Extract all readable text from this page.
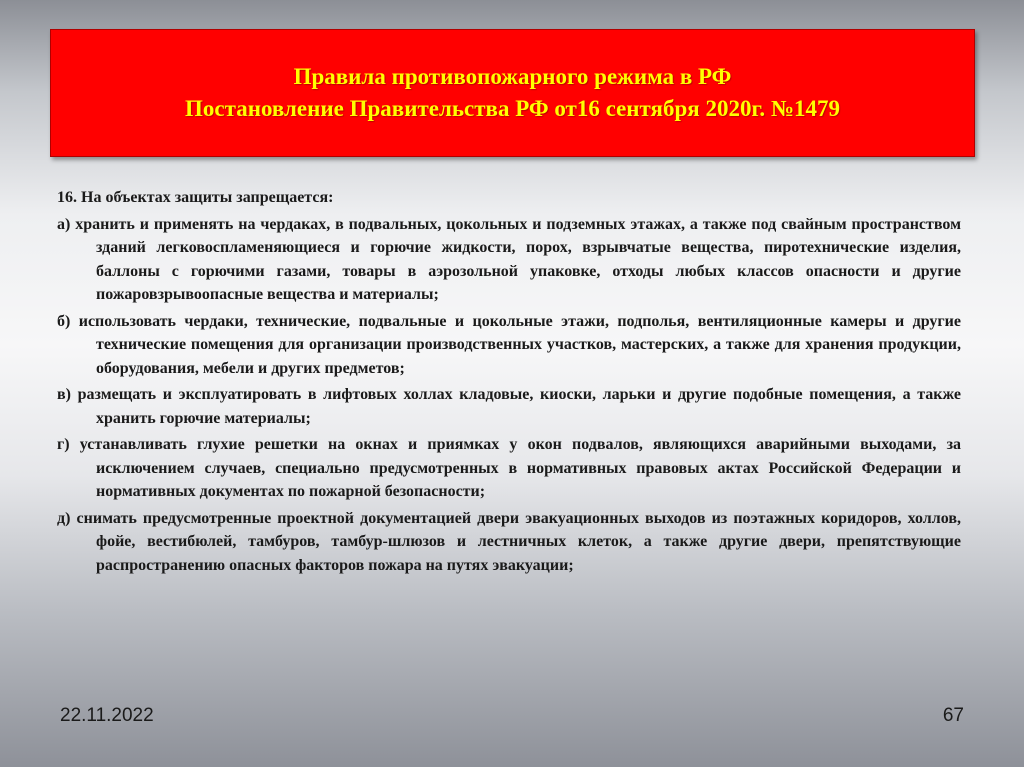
Правила противопожарного режима в РФ
Постановление Правительства РФ от16 сентября 2020г. №1479
16. На объектах защиты запрещается:
а) хранить и применять на чердаках, в подвальных, цокольных и подземных этажах, а также под свайным пространством зданий легковоспламеняющиеся и горючие жидкости, порох, взрывчатые вещества, пиротехнические изделия, баллоны с горючими газами, товары в аэрозольной упаковке, отходы любых классов опасности и другие пожаровзрывоопасные вещества и материалы;
б) использовать чердаки, технические, подвальные и цокольные этажи, подполья, вентиляционные камеры и другие технические помещения для организации производственных участков, мастерских, а также для хранения продукции, оборудования, мебели и других предметов;
в) размещать и эксплуатировать в лифтовых холлах кладовые, киоски, ларьки и другие подобные помещения, а также хранить горючие материалы;
г) устанавливать глухие решетки на окнах и приямках у окон подвалов, являющихся аварийными выходами, за исключением случаев, специально предусмотренных в нормативных правовых актах Российской Федерации и нормативных документах по пожарной безопасности;
д) снимать предусмотренные проектной документацией двери эвакуационных выходов из поэтажных коридоров, холлов, фойе, вестибюлей, тамбуров, тамбур-шлюзов и лестничных клеток, а также другие двери, препятствующие распространению опасных факторов пожара на путях эвакуации;
22.11.2022	67
